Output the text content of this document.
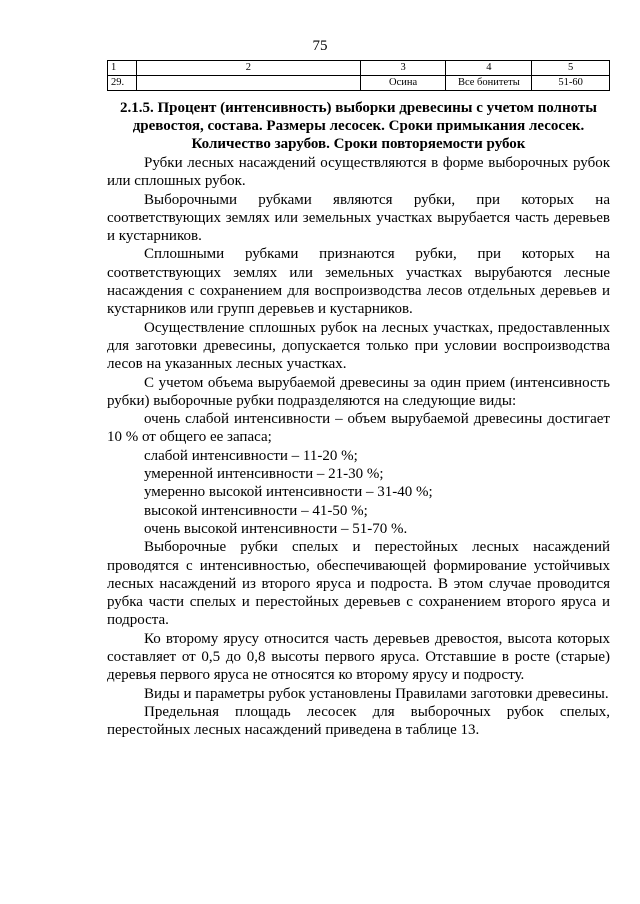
75
1	2	3	4	5
29.		Осина	Все бонитеты	51-60
2.1.5. Процент (интенсивность) выборки древесины с учетом полноты древостоя, состава. Размеры лесосек. Сроки примыкания лесосек. Количество зарубов. Сроки повторяемости рубок

Рубки лесных насаждений осуществляются в форме выборочных рубок или сплошных рубок.

Выборочными рубками являются рубки, при которых на соответствующих землях или земельных участках вырубается часть деревьев и кустарников.

Сплошными рубками признаются рубки, при которых на соответствующих землях или земельных участках вырубаются лесные насаждения с сохранением для воспроизводства лесов отдельных деревьев и кустарников или групп деревьев и кустарников.

Осуществление сплошных рубок на лесных участках, предоставленных для заготовки древесины, допускается только при условии воспроизводства лесов на указанных лесных участках.

С учетом объема вырубаемой древесины за один прием (интенсивность рубки) выборочные рубки подразделяются на следующие виды:

очень слабой интенсивности – объем вырубаемой древесины достигает 10 % от общего ее запаса;

слабой интенсивности – 11-20 %;

умеренной интенсивности – 21-30 %;

умеренно высокой интенсивности – 31-40 %;

высокой интенсивности – 41-50 %;

очень высокой интенсивности – 51-70 %.

Выборочные рубки спелых и перестойных лесных насаждений проводятся с интенсивностью, обеспечивающей формирование устойчивых лесных насаждений из второго яруса и подроста. В этом случае проводится рубка части спелых и перестойных деревьев с сохранением второго яруса и подроста.

Ко второму ярусу относится часть деревьев древостоя, высота которых составляет от 0,5 до 0,8 высоты первого яруса. Отставшие в росте (старые) деревья первого яруса не относятся ко второму ярусу и подросту.

Виды и параметры рубок установлены Правилами заготовки древесины.

Предельная площадь лесосек для выборочных рубок спелых, перестойных лесных насаждений приведена в таблице 13.
